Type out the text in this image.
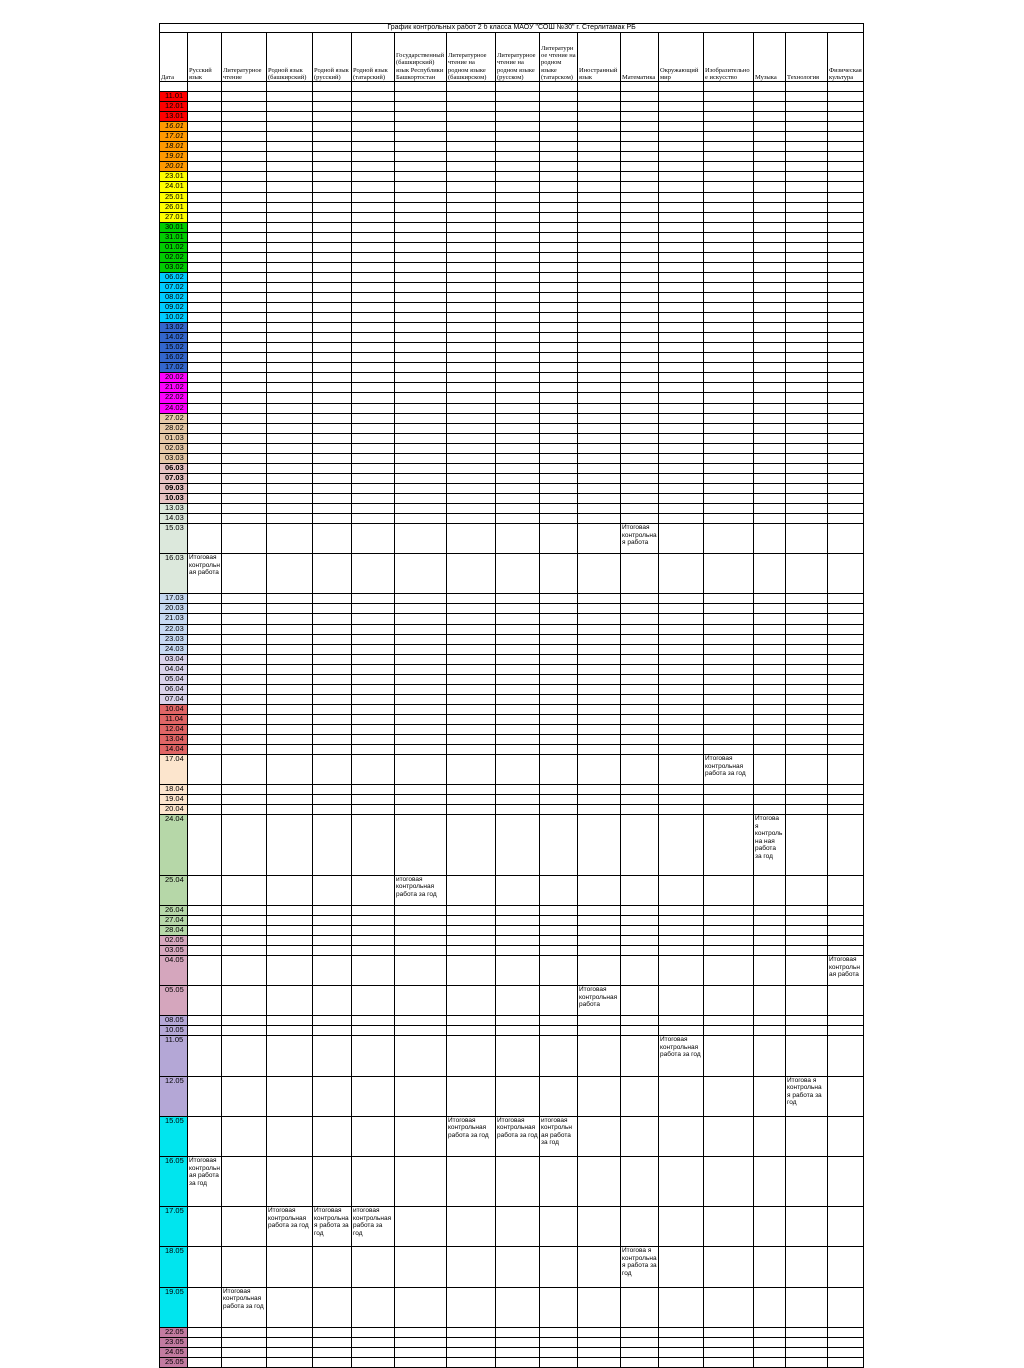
График контрольных работ 2 б класса МАОУ "СОШ №30" г. Стерлитамак РБ																
Дата	Русский язык	Литературное чтение	Родной язык (башкирский)	Родной язык (русский)	Родной язык (татарский)	Государственный (башкирский) язык Республики Башкортостан	Литературное чтение на родном языке (башкирском)	Литературное чтение на родном языке (русском)	Литературное чтение на родном языке (татарском)	Иностранный язык	Математика	Окружающий мир	Изобразительное искусство	Музыка	Технология	Физическая культура

11.01																
12.01																
13.01																
16.01																
17.01																
18.01																
19.01																
20.01																
23.01																
24.01																
25.01																
26.01																
27.01																
30.01																
31.01																
01.02																
02.02																
03.02																
06.02																
07.02																
08.02																
09.02																
10.02																
13.02																
14.02																
15.02																
16.02																
17.02																
20.02																
21.02																
22.02																
24.02																
27.02																
28.02																
01.03																
02.03																
03.03																
06.03																
07.03																
09.03																
10.03																
13.03																
14.03																
15.03											Итоговая контрольна я работа					
16.03	Итоговая контрольн ая работа															
17.03																
20.03																
21.03																
22.03																
23.03																
24.03																
03.04																
04.04																
05.04																
06.04																
07.04																
10.04																
11.04																
12.04																
13.04																
14.04																
17.04													Итоговая контрольная работа за год			
18.04																
19.04																
20.04																
24.04														Итогова я контрольна ная работа за год		
25.04						итоговая контрольная работа за год										
26.04																
27.04																
28.04																
02.05																
03.05																
04.05																Итоговая контрольн ая работа
05.05										Итоговая контрольная работа						
08.05																
10.05																
11.05												Итоговая контрольная работа за год				
12.05															Итогова я контрольна я работа за год	
15.05							Итоговая контрольная работа за год	Итоговая контрольная работа за год	итоговая контрольн ая работа за год							
16.05	Итоговая контрольн ая работа за год															
17.05			Итоговая контрольная работа за год	Итоговая контрольна я работа за год	итоговая контрольная работа за год											
18.05											Итогова я контрольна я работа за год					
19.05		Итоговая контрольная работа за год														
22.05																
23.05																
24.05																
25.05																
